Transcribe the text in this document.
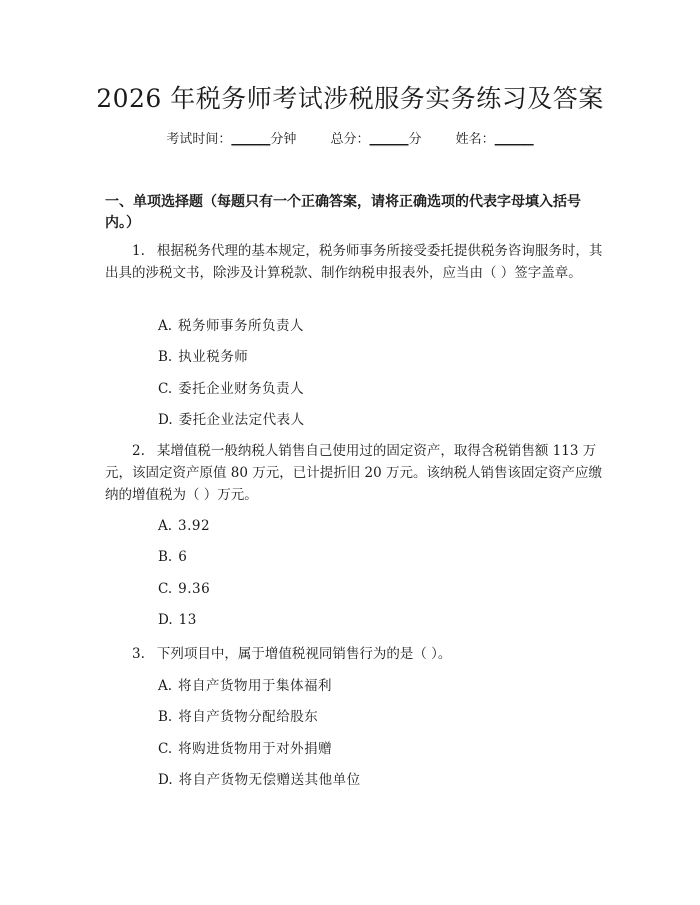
2026 年税务师考试涉税服务实务练习及答案
考试时间：______分钟	总分：______分	姓名：______

一、单项选择题（每题只有一个正确答案，请将正确选项的代表字母填入括号内。）

1. 根据税务代理的基本规定，税务师事务所接受委托提供税务咨询服务时，其出具的涉税文书，除涉及计算税款、制作纳税申报表外，应当由（ ）签字盖章。

A. 税务师事务所负责人
B. 执业税务师
C. 委托企业财务负责人
D. 委托企业法定代表人

2. 某增值税一般纳税人销售自己使用过的固定资产，取得含税销售额 113 万元，该固定资产原值 80 万元，已计提折旧 20 万元。该纳税人销售该固定资产应缴纳的增值税为（ ）万元。

A. 3.92
B. 6
C. 9.36
D. 13

3. 下列项目中，属于增值税视同销售行为的是（ ）。

A. 将自产货物用于集体福利
B. 将自产货物分配给股东
C. 将购进货物用于对外捐赠
D. 将自产货物无偿赠送其他单位
